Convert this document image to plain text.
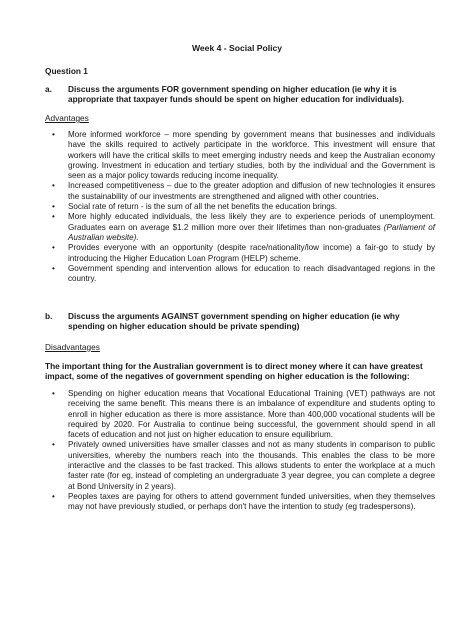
Week 4 - Social Policy
Question 1
a.	Discuss the arguments FOR government spending on higher education (ie why it is appropriate that taxpayer funds should be spent on higher education for individuals).
Advantages
•	More informed workforce – more spending by government means that businesses and individuals have the skills required to actively participate in the workforce. This investment will ensure that workers will have the critical skills to meet emerging industry needs and keep the Australian economy growing. Investment in education and tertiary studies, both by the individual and the Government is seen as a major policy towards reducing income inequality.
•	Increased competitiveness – due to the greater adoption and diffusion of new technologies it ensures the sustainability of our investments are strengthened and aligned with other countries.
•	Social rate of return - is the sum of all the net benefits the education brings.
•	More highly educated individuals, the less likely they are to experience periods of unemployment. Graduates earn on average $1.2 million more over their lifetimes than non-graduates (Parliament of Australian website).
•	Provides everyone with an opportunity (despite race/nationality/low income) a fair-go to study by introducing the Higher Education Loan Program (HELP) scheme.
•	Government spending and intervention allows for education to reach disadvantaged regions in the country.
b.	Discuss the arguments AGAINST government spending on higher education (ie why spending on higher education should be private spending)
Disadvantages
The important thing for the Australian government is to direct money where it can have greatest impact, some of the negatives of government spending on higher education is the following:
•	Spending on higher education means that Vocational Educational Training (VET) pathways are not receiving the same benefit. This means there is an imbalance of expenditure and students opting to enroll in higher education as there is more assistance. More than 400,000 vocational students will be required by 2020. For Australia to continue being successful, the government should spend in all facets of education and not just on higher education to ensure equilibrium.
•	Privately owned universities have smaller classes and not as many students in comparison to public universities, whereby the numbers reach into the thousands. This enables the class to be more interactive and the classes to be fast tracked. This allows students to enter the workplace at a much faster rate (for eg, instead of completing an undergraduate 3 year degree, you can complete a degree at Bond University in 2 years).
•	Peoples taxes are paying for others to attend government funded universities, when they themselves may not have previously studied, or perhaps don't have the intention to study (eg tradespersons).
